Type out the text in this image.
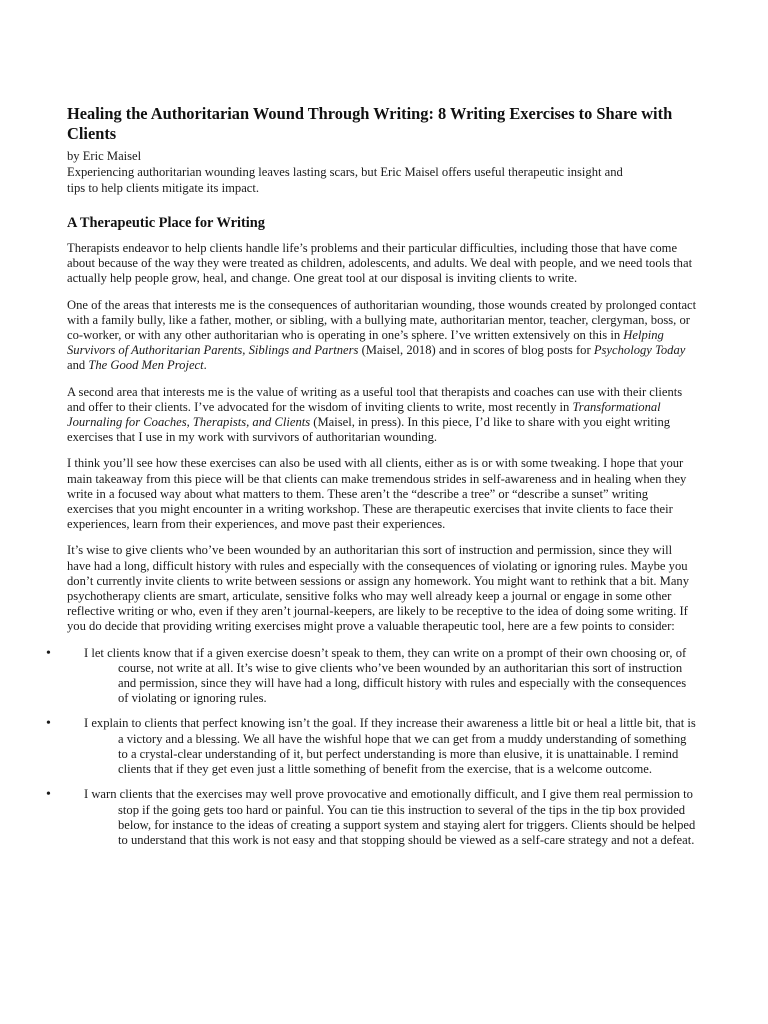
Healing the Authoritarian Wound Through Writing: 8 Writing Exercises to Share with Clients

by Eric Maisel

Experiencing authoritarian wounding leaves lasting scars, but Eric Maisel offers useful therapeutic insight and tips to help clients mitigate its impact.

A Therapeutic Place for Writing

Therapists endeavor to help clients handle life’s problems and their particular difficulties, including those that have come about because of the way they were treated as children, adolescents, and adults. We deal with people, and we need tools that actually help people grow, heal, and change. One great tool at our disposal is inviting clients to write.

One of the areas that interests me is the consequences of authoritarian wounding, those wounds created by prolonged contact with a family bully, like a father, mother, or sibling, with a bullying mate, authoritarian mentor, teacher, clergyman, boss, or co-worker, or with any other authoritarian who is operating in one’s sphere. I’ve written extensively on this in Helping Survivors of Authoritarian Parents, Siblings and Partners (Maisel, 2018) and in scores of blog posts for Psychology Today and The Good Men Project.

A second area that interests me is the value of writing as a useful tool that therapists and coaches can use with their clients and offer to their clients. I’ve advocated for the wisdom of inviting clients to write, most recently in Transformational Journaling for Coaches, Therapists, and Clients (Maisel, in press). In this piece, I’d like to share with you eight writing exercises that I use in my work with survivors of authoritarian wounding.

I think you’ll see how these exercises can also be used with all clients, either as is or with some tweaking. I hope that your main takeaway from this piece will be that clients can make tremendous strides in self-awareness and in healing when they write in a focused way about what matters to them. These aren’t the “describe a tree” or “describe a sunset” writing exercises that you might encounter in a writing workshop. These are therapeutic exercises that invite clients to face their experiences, learn from their experiences, and move past their experiences.

It’s wise to give clients who’ve been wounded by an authoritarian this sort of instruction and permission, since they will have had a long, difficult history with rules and especially with the consequences of violating or ignoring rules. Maybe you don’t currently invite clients to write between sessions or assign any homework. You might want to rethink that a bit. Many psychotherapy clients are smart, articulate, sensitive folks who may well already keep a journal or engage in some other reflective writing or who, even if they aren’t journal-keepers, are likely to be receptive to the idea of doing some writing. If you do decide that providing writing exercises might prove a valuable therapeutic tool, here are a few points to consider:

•	I let clients know that if a given exercise doesn’t speak to them, they can write on a prompt of their own choosing or, of course, not write at all. It’s wise to give clients who’ve been wounded by an authoritarian this sort of instruction and permission, since they will have had a long, difficult history with rules and especially with the consequences of violating or ignoring rules.
•	I explain to clients that perfect knowing isn’t the goal. If they increase their awareness a little bit or heal a little bit, that is a victory and a blessing. We all have the wishful hope that we can get from a muddy understanding of something to a crystal-clear understanding of it, but perfect understanding is more than elusive, it is unattainable. I remind clients that if they get even just a little something of benefit from the exercise, that is a welcome outcome.
•	I warn clients that the exercises may well prove provocative and emotionally difficult, and I give them real permission to stop if the going gets too hard or painful. You can tie this instruction to several of the tips in the tip box provided below, for instance to the ideas of creating a support system and staying alert for triggers. Clients should be helped to understand that this work is not easy and that stopping should be viewed as a self-care strategy and not a defeat.
